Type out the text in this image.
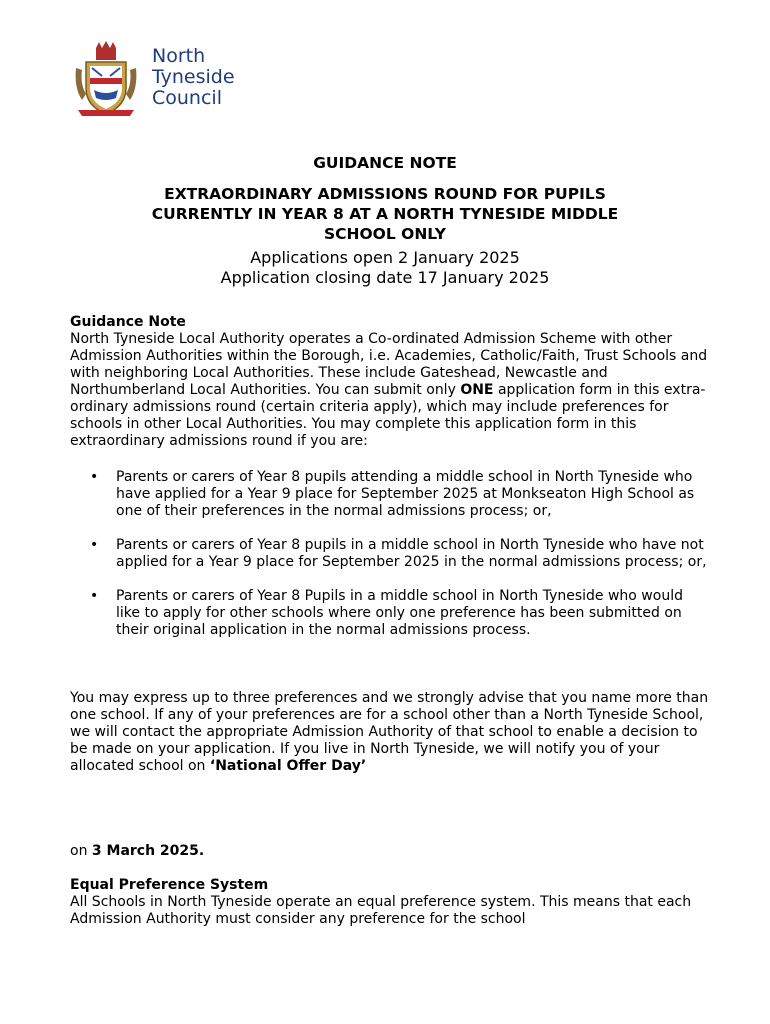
North
Tyneside
Council
GUIDANCE NOTE
EXTRAORDINARY ADMISSIONS ROUND FOR PUPILS
CURRENTLY IN YEAR 8 AT A NORTH TYNESIDE MIDDLE
SCHOOL ONLY
Applications open 2 January 2025
Application closing date 17 January 2025
Guidance Note
North Tyneside Local Authority operates a Co-ordinated Admission Scheme with other Admission Authorities within the Borough, i.e. Academies, Catholic/Faith, Trust Schools and with neighboring Local Authorities. These include Gateshead, Newcastle and Northumberland Local Authorities. You can submit only ONE application form in this extra-ordinary admissions round (certain criteria apply), which may include preferences for schools in other Local Authorities. You may complete this application form in this extraordinary admissions round if you are:
• Parents or carers of Year 8 pupils attending a middle school in North Tyneside who have applied for a Year 9 place for September 2025 at Monkseaton High School as one of their preferences in the normal admissions process; or,
• Parents or carers of Year 8 pupils in a middle school in North Tyneside who have not applied for a Year 9 place for September 2025 in the normal admissions process; or,
• Parents or carers of Year 8 Pupils in a middle school in North Tyneside who would like to apply for other schools where only one preference has been submitted on their original application in the normal admissions process.
You may express up to three preferences and we strongly advise that you name more than one school. If any of your preferences are for a school other than a North Tyneside School, we will contact the appropriate Admission Authority of that school to enable a decision to be made on your application. If you live in North Tyneside, we will notify you of your allocated school on ‘National Offer Day’
on 3 March 2025.
Equal Preference System
All Schools in North Tyneside operate an equal preference system. This means that each Admission Authority must consider any preference for the school
